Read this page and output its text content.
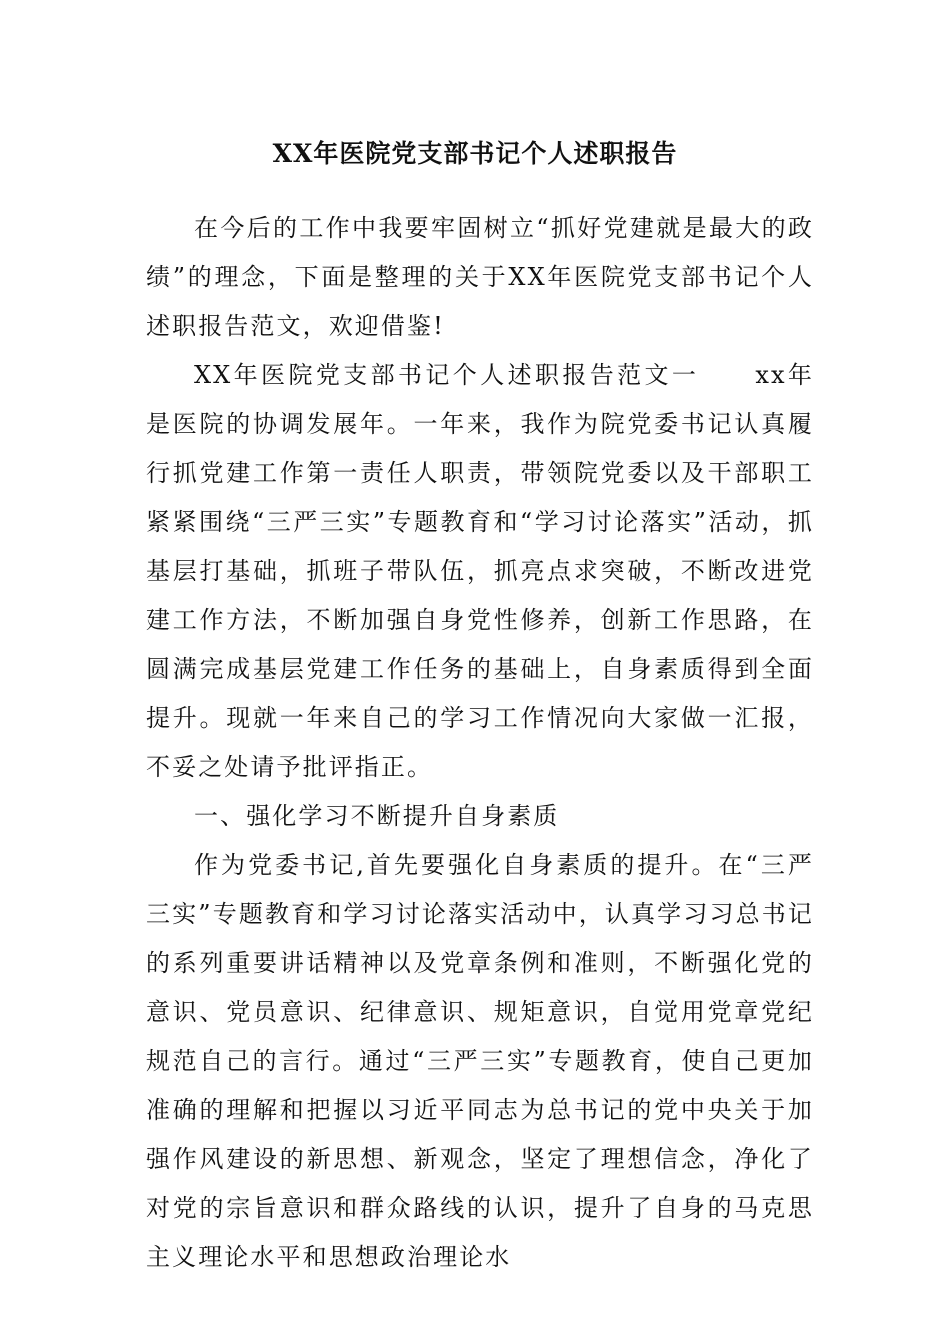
XX年医院党支部书记个人述职报告

在今后的工作中我要牢固树立“抓好党建就是最大的政绩”的理念，下面是整理的关于XX年医院党支部书记个人述职报告范文，欢迎借鉴!

XX年医院党支部书记个人述职报告范文一 xx年是医院的协调发展年。一年来，我作为院党委书记认真履行抓党建工作第一责任人职责，带领院党委以及干部职工紧紧围绕“三严三实”专题教育和“学习讨论落实”活动，抓基层打基础，抓班子带队伍，抓亮点求突破，不断改进党建工作方法，不断加强自身党性修养，创新工作思路，在圆满完成基层党建工作任务的基础上，自身素质得到全面提升。现就一年来自己的学习工作情况向大家做一汇报，不妥之处请予批评指正。

一、强化学习不断提升自身素质

作为党委书记,首先要强化自身素质的提升。在“三严三实”专题教育和学习讨论落实活动中，认真学习习总书记的系列重要讲话精神以及党章条例和准则，不断强化党的意识、党员意识、纪律意识、规矩意识，自觉用党章党纪规范自己的言行。通过“三严三实”专题教育，使自己更加准确的理解和把握以习近平同志为总书记的党中央关于加强作风建设的新思想、新观念，坚定了理想信念，净化了对党的宗旨意识和群众路线的认识，提升了自身的马克思主义理论水平和思想政治理论水
